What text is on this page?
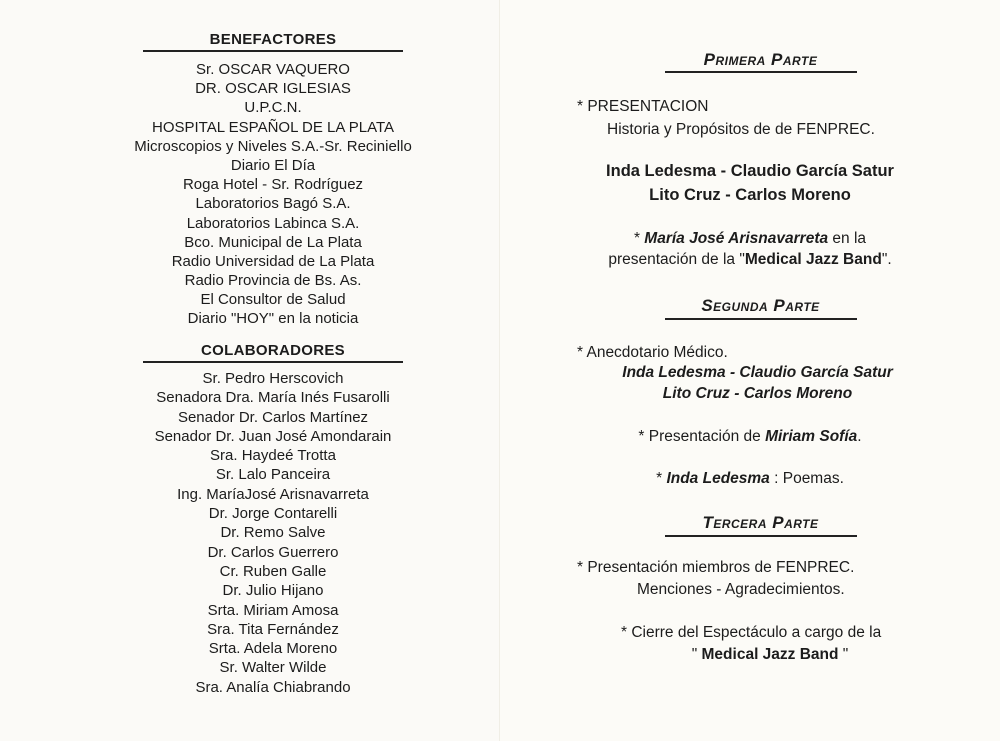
BENEFACTORES
Sr. OSCAR VAQUERO
DR. OSCAR IGLESIAS
U.P.C.N.
HOSPITAL ESPAÑOL DE LA PLATA
Microscopios y Niveles S.A.-Sr. Reciniello
Diario El Día
Roga Hotel - Sr. Rodríguez
Laboratorios Bagó S.A.
Laboratorios Labinca S.A.
Bco. Municipal de La Plata
Radio Universidad de La Plata
Radio Provincia de Bs. As.
El Consultor de Salud
Diario "HOY" en la noticia
COLABORADORES
Sr. Pedro Herscovich
Senadora Dra. María Inés Fusarolli
Senador Dr. Carlos Martínez
Senador Dr. Juan José Amondarain
Sra. Haydeé Trotta
Sr. Lalo Panceira
Ing. MaríaJosé Arisnavarreta
Dr. Jorge Contarelli
Dr. Remo Salve
Dr. Carlos Guerrero
Cr. Ruben Galle
Dr. Julio Hijano
Srta. Miriam Amosa
Sra. Tita Fernández
Srta. Adela Moreno
Sr. Walter Wilde
Sra. Analía Chiabrando
Primera Parte
* PRESENTACION
Historia y Propósitos de de FENPREC.
Inda Ledesma - Claudio García Satur
Lito Cruz - Carlos Moreno
* María José Arisnavarreta en la
presentación de la "Medical Jazz Band".
Segunda Parte
* Anecdotario Médico.
Inda Ledesma - Claudio García Satur
Lito Cruz - Carlos Moreno
* Presentación de Miriam Sofía.
* Inda Ledesma : Poemas.
Tercera Parte
* Presentación miembros de FENPREC.
Menciones - Agradecimientos.
* Cierre del Espectáculo a cargo de la
" Medical Jazz Band "
